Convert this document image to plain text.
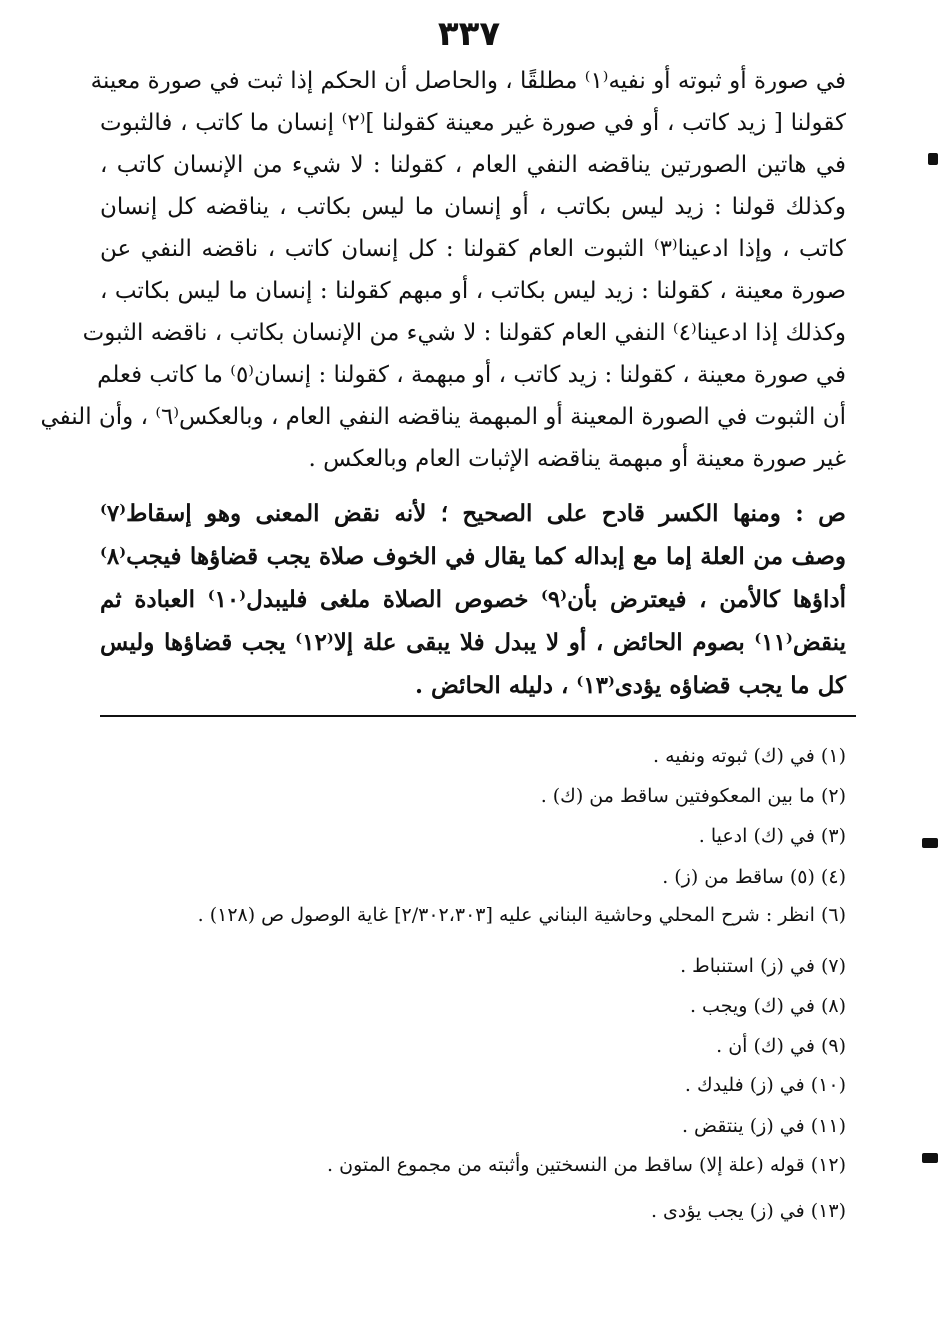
٣٣٧
في صورة أو ثبوته أو نفيه⁽١⁾ مطلقًا ، والحاصل أن الحكم إذا ثبت في صورة معينة
كقولنا [ زيد كاتب ، أو في صورة غير معينة كقولنا ]⁽٢⁾ إنسان ما كاتب ، فالثبوت
في هاتين الصورتين يناقضه النفي العام ، كقولنا : لا شيء من الإنسان كاتب ،
وكذلك قولنا : زيد ليس بكاتب ، أو إنسان ما ليس بكاتب ، يناقضه كل إنسان
كاتب ، وإذا ادعينا⁽٣⁾ الثبوت العام كقولنا : كل إنسان كاتب ، ناقضه النفي عن
صورة معينة ، كقولنا : زيد ليس بكاتب ، أو مبهم كقولنا : إنسان ما ليس بكاتب ،
وكذلك إذا ادعينا⁽٤⁾ النفي العام كقولنا : لا شيء من الإنسان بكاتب ، ناقضه الثبوت
في صورة معينة ، كقولنا : زيد كاتب ، أو مبهمة ، كقولنا : إنسان⁽٥⁾ ما كاتب فعلم
أن الثبوت في الصورة المعينة أو المبهمة يناقضه النفي العام ، وبالعكس⁽٦⁾ ، وأن النفي
غير صورة معينة أو مبهمة يناقضه الإثبات العام وبالعكس .
ص : ومنها الكسر قادح على الصحيح ؛ لأنه نقض المعنى وهو إسقاط⁽٧⁾
وصف من العلة إما مع إبداله كما يقال في الخوف صلاة يجب قضاؤها فيجب⁽٨⁾
أداؤها كالأمن ، فيعترض بأن⁽٩⁾ خصوص الصلاة ملغى فليبدل⁽١٠⁾ العبادة ثم
ينقض⁽١١⁾ بصوم الحائض ، أو لا يبدل فلا يبقى علة إلا⁽١٢⁾ يجب قضاؤها وليس
كل ما يجب قضاؤه يؤدى⁽١٣⁾ ، دليله الحائض .
(١) في (ك) ثبوته ونفيه .
(٢) ما بين المعكوفتين ساقط من (ك) .
(٣) في (ك) ادعيا .
(٤) (٥) ساقط من (ز) .
(٦) انظر : شرح المحلي وحاشية البناني عليه [٢/٣٠٢،٣٠٣] غاية الوصول ص (١٢٨) .
(٧) في (ز) استنباط .
(٨) في (ك) ويجب .
(٩) في (ك) أن .
(١٠) في (ز) فليدك .
(١١) في (ز) ينتقض .
(١٢) قوله (علة إلا) ساقط من النسختين وأثبته من مجموع المتون .
(١٣) في (ز) يجب يؤدى .
